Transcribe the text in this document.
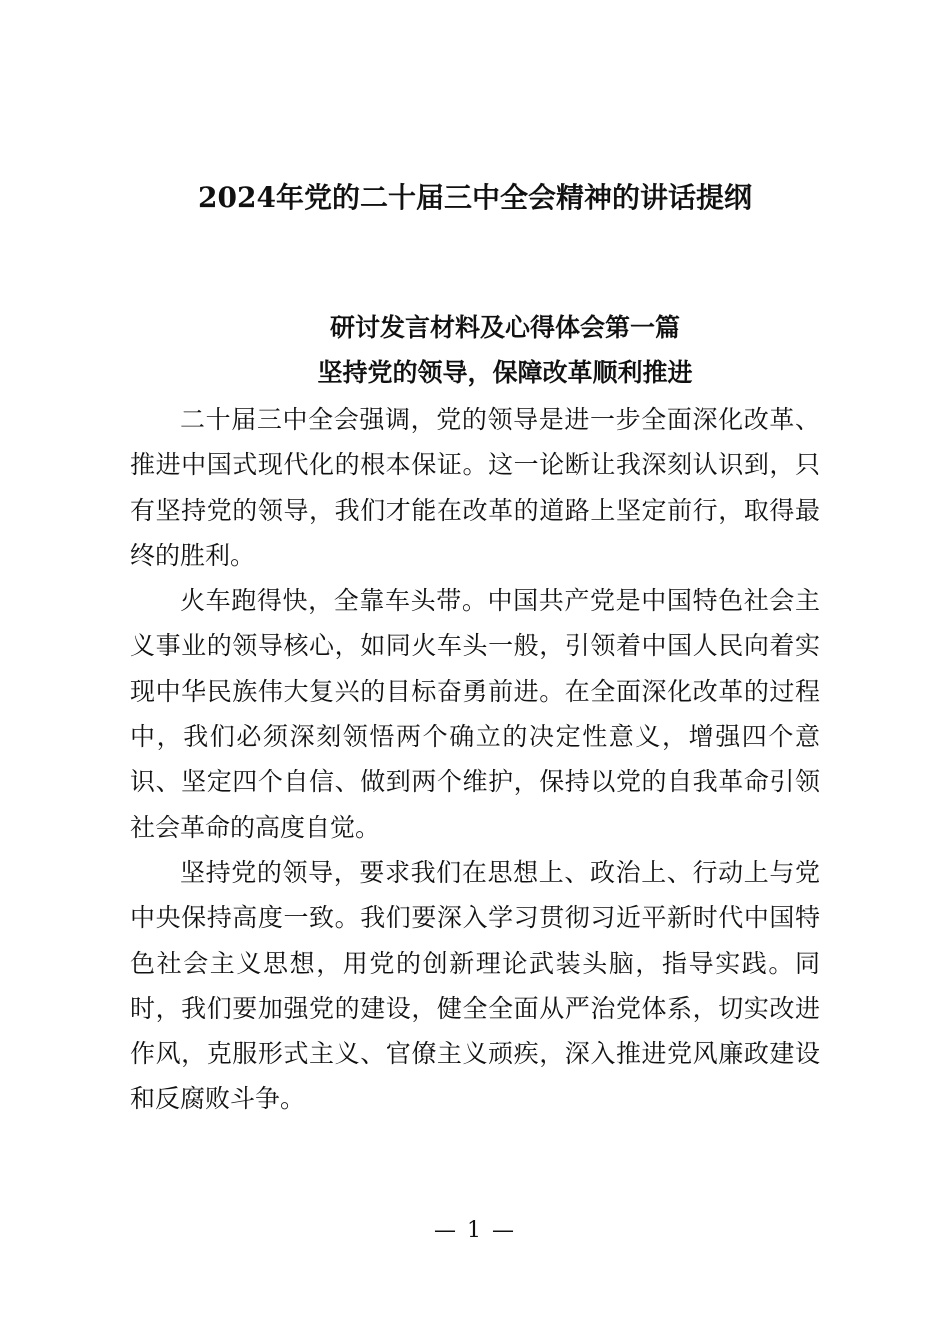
2024年党的二十届三中全会精神的讲话提纲
研讨发言材料及心得体会第一篇
坚持党的领导，保障改革顺利推进

二十届三中全会强调，党的领导是进一步全面深化改革、推进中国式现代化的根本保证。这一论断让我深刻认识到，只有坚持党的领导，我们才能在改革的道路上坚定前行，取得最终的胜利。

火车跑得快，全靠车头带。中国共产党是中国特色社会主义事业的领导核心，如同火车头一般，引领着中国人民向着实现中华民族伟大复兴的目标奋勇前进。在全面深化改革的过程中，我们必须深刻领悟两个确立的决定性意义，增强四个意识、坚定四个自信、做到两个维护，保持以党的自我革命引领社会革命的高度自觉。

坚持党的领导，要求我们在思想上、政治上、行动上与党中央保持高度一致。我们要深入学习贯彻习近平新时代中国特色社会主义思想，用党的创新理论武装头脑，指导实践。同时，我们要加强党的建设，健全全面从严治党体系，切实改进作风，克服形式主义、官僚主义顽疾，深入推进党风廉政建设和反腐败斗争。

— 1 —
